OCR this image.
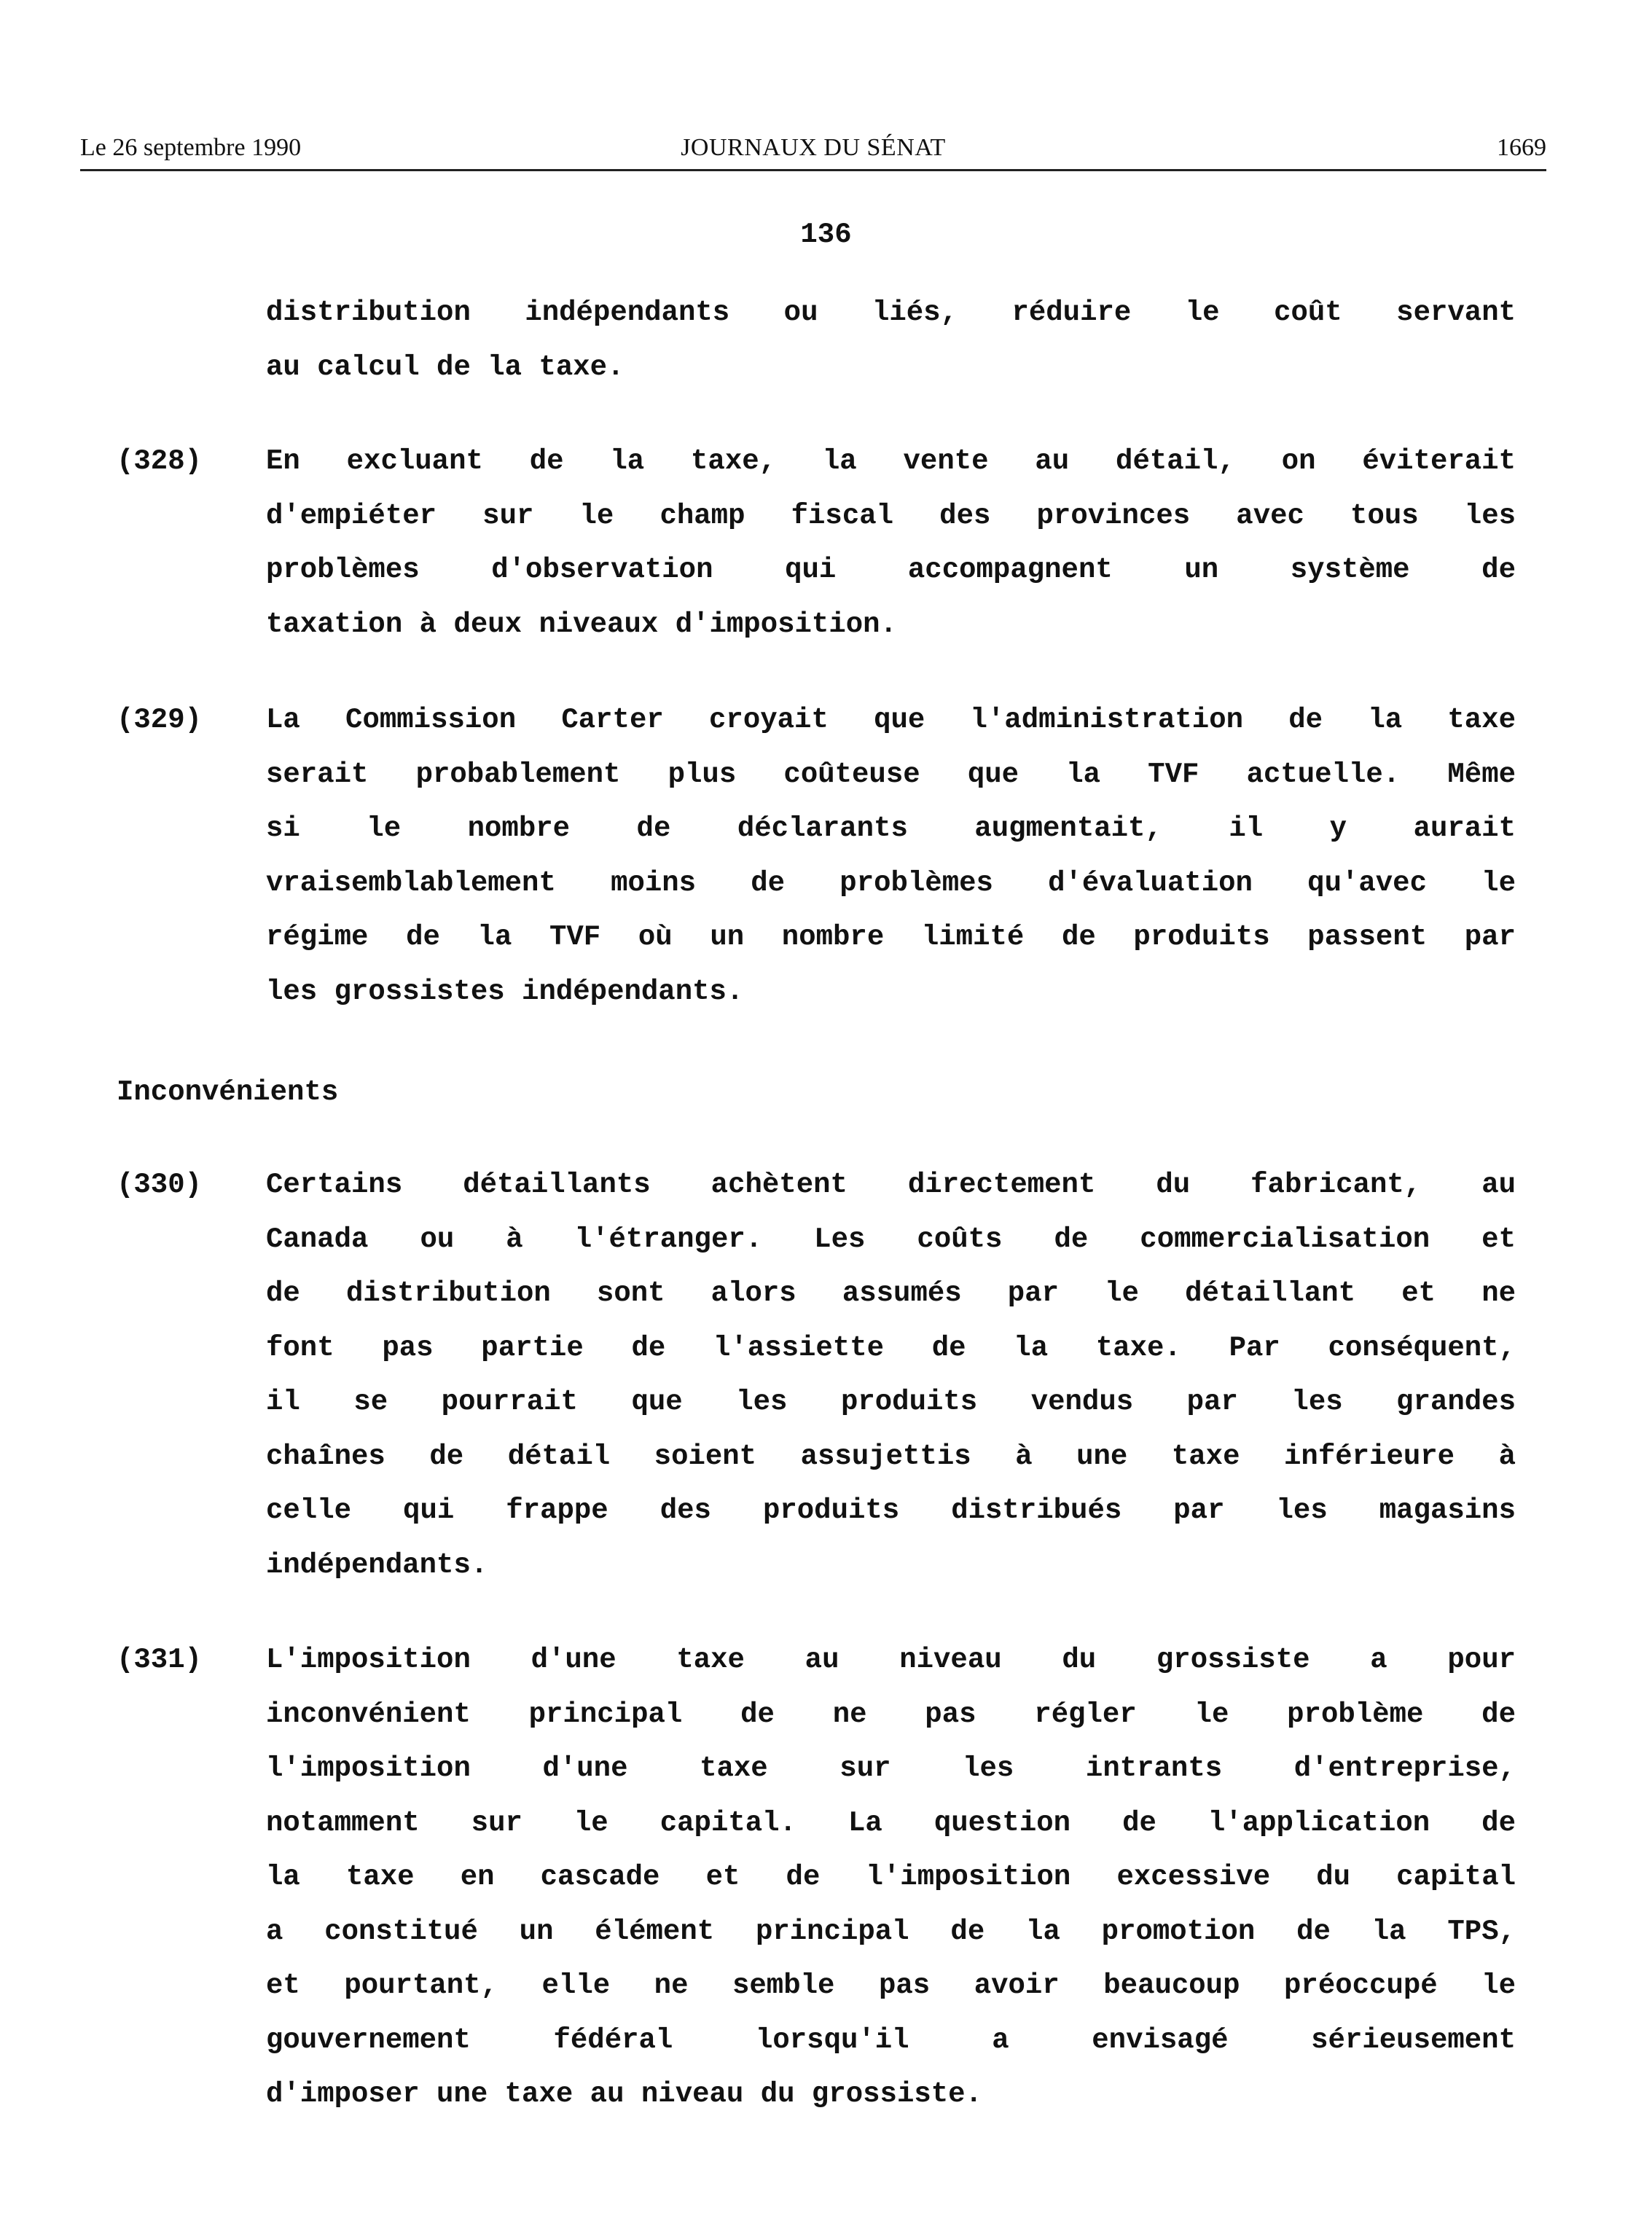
Le 26 septembre 1990	JOURNAUX DU SÉNAT	1669
136
distribution indépendants ou liés, réduire le coût servant
au calcul de la taxe.
(328) En excluant de la taxe, la vente au détail, on éviterait
d'empiéter sur le champ fiscal des provinces avec tous les
problèmes d'observation qui accompagnent un système de
taxation à deux niveaux d'imposition.
(329) La Commission Carter croyait que l'administration de la taxe
serait probablement plus coûteuse que la TVF actuelle. Même
si le nombre de déclarants augmentait, il y aurait
vraisemblablement moins de problèmes d'évaluation qu'avec le
régime de la TVF où un nombre limité de produits passent par
les grossistes indépendants.
Inconvénients
(330) Certains détaillants achètent directement du fabricant, au
Canada ou à l'étranger. Les coûts de commercialisation et
de distribution sont alors assumés par le détaillant et ne
font pas partie de l'assiette de la taxe. Par conséquent,
il se pourrait que les produits vendus par les grandes
chaînes de détail soient assujettis à une taxe inférieure à
celle qui frappe des produits distribués par les magasins
indépendants.
(331) L'imposition d'une taxe au niveau du grossiste a pour
inconvénient principal de ne pas régler le problème de
l'imposition d'une taxe sur les intrants d'entreprise,
notamment sur le capital. La question de l'application de
la taxe en cascade et de l'imposition excessive du capital
a constitué un élément principal de la promotion de la TPS,
et pourtant, elle ne semble pas avoir beaucoup préoccupé le
gouvernement fédéral lorsqu'il a envisagé sérieusement
d'imposer une taxe au niveau du grossiste.
